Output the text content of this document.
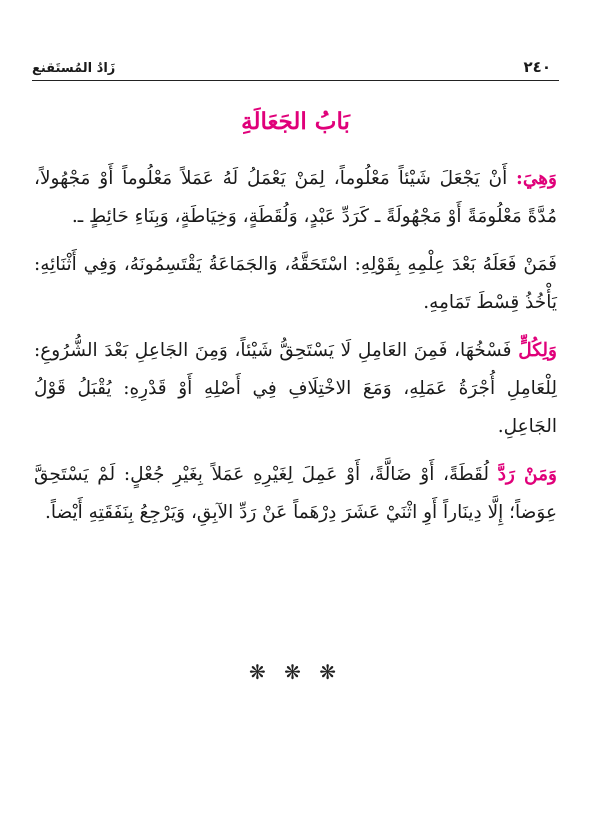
زَادُ المُستَقنع	٢٤٠
بَابُ الجَعَالَةِ

وَهِيَ: أَنْ يَجْعَلَ شَيْئاً مَعْلُوماً، لِمَنْ يَعْمَلُ لَهُ عَمَلاً مَعْلُوماً أَوْ مَجْهُولاً، مُدَّةً مَعْلُومَةً أَوْ مَجْهُولَةً ـ كَرَدِّ عَبْدٍ، وَلُقَطَةٍ، وَخِيَاطَةٍ، وَبِنَاءِ حَائِطٍ ـ.

فَمَنْ فَعَلَهُ بَعْدَ عِلْمِهِ بِقَوْلِهِ: اسْتَحَقَّهُ، وَالجَمَاعَةُ يَقْتَسِمُونَهُ، وَفِي أَثْنَائِهِ: يَأْخُذُ قِسْطَ تَمَامِهِ.

وَلِكُلٍّ فَسْخُهَا، فَمِنَ العَامِلِ لَا يَسْتَحِقُّ شَيْئاً، وَمِنَ الجَاعِلِ بَعْدَ الشُّرُوعِ: لِلْعَامِلِ أُجْرَةُ عَمَلِهِ، وَمَعَ الاخْتِلَافِ فِي أَصْلِهِ أَوْ قَدْرِهِ: يُقْبَلُ قَوْلُ الجَاعِلِ.

وَمَنْ رَدَّ لُقَطَةً، أَوْ ضَالَّةً، أَوْ عَمِلَ لِغَيْرِهِ عَمَلاً بِغَيْرِ جُعْلٍ: لَمْ يَسْتَحِقَّ عِوَضاً؛ إِلَّا دِينَاراً أَوِ اثْنَيْ عَشَرَ دِرْهَماً عَنْ رَدِّ الآبِقِ، وَيَرْجِعُ بِنَفَقَتِهِ أَيْضاً.

❋ ❋ ❋
